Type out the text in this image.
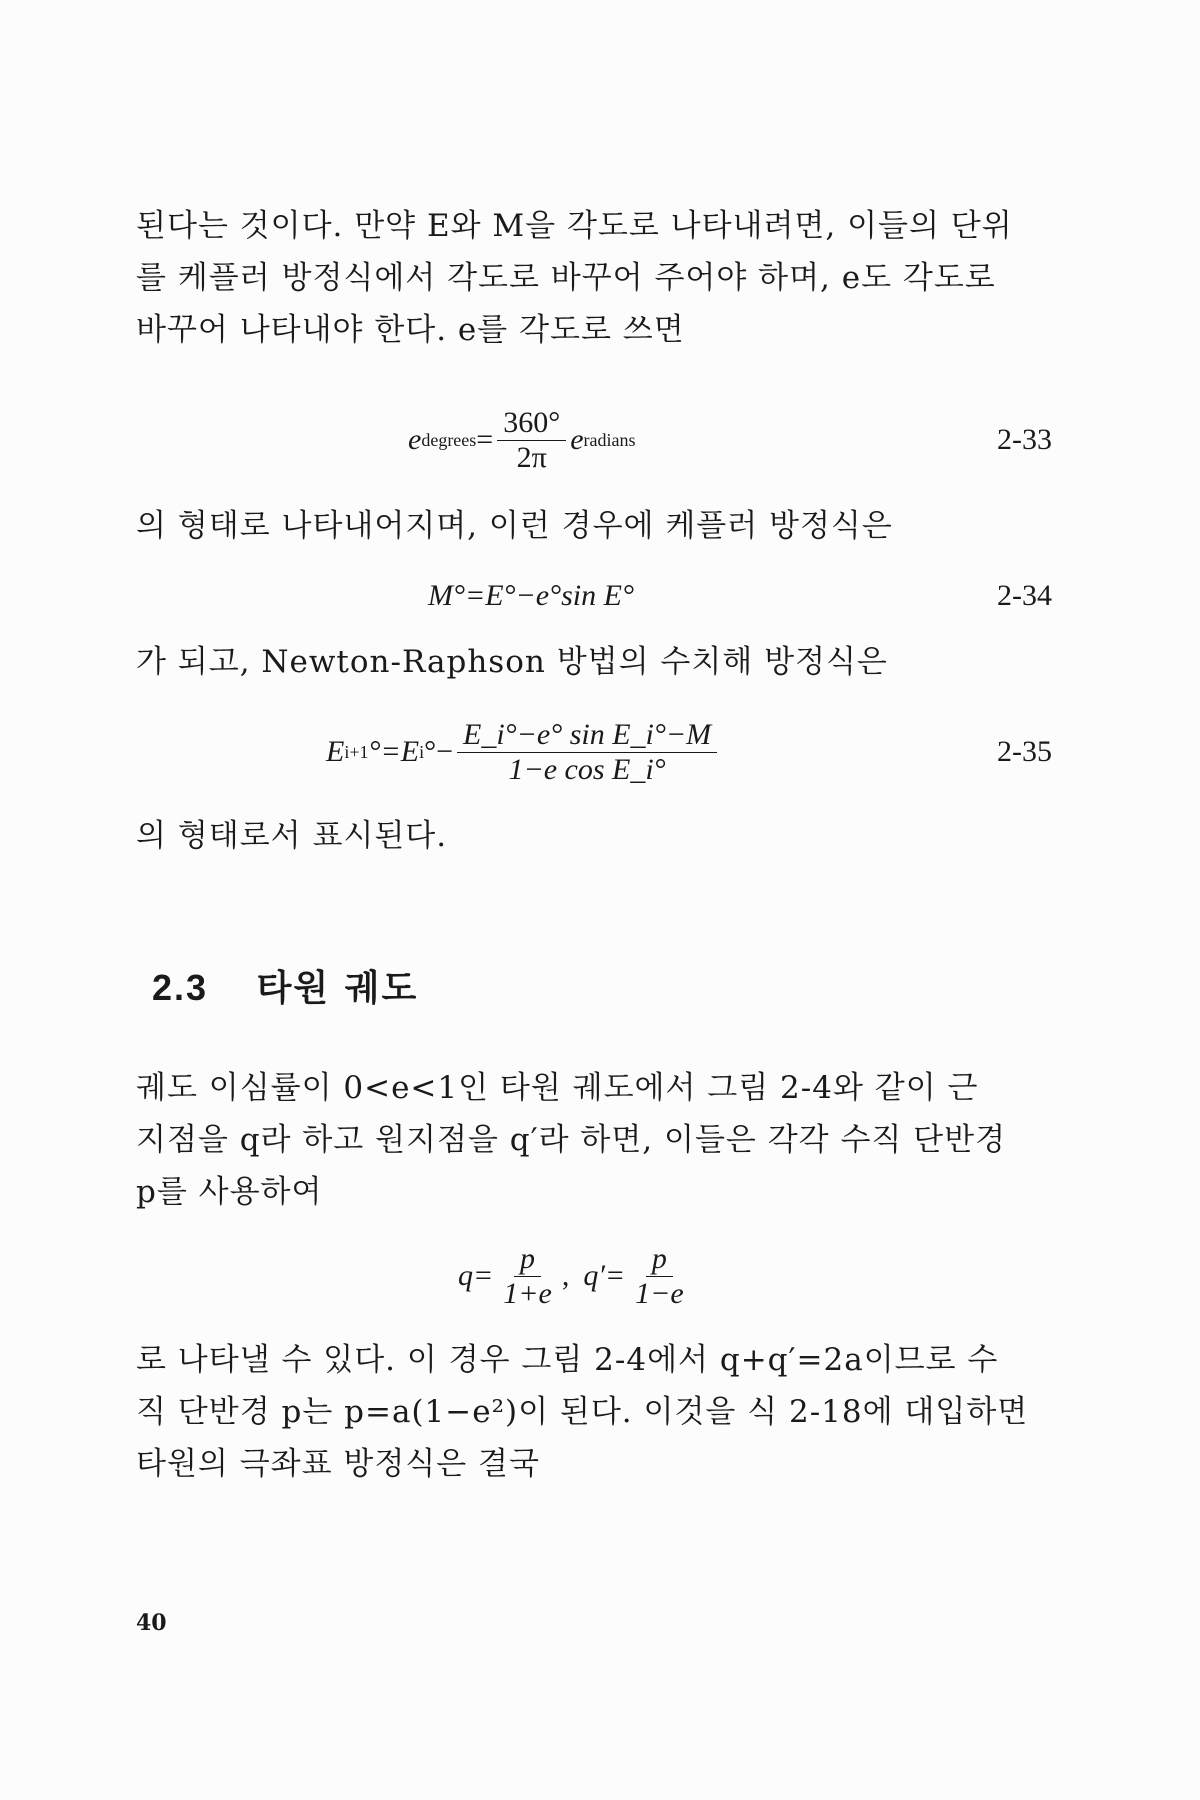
된다는 것이다. 만약 E와 M을 각도로 나타내려면, 이들의 단위
를 케플러 방정식에서 각도로 바꾸어 주어야 하며, e도 각도로
바꾸어 나타내야 한다. e를 각도로 쓰면
e degrees = $\frac{360^\circ}{2\pi}$ e radians	2-33
의 형태로 나타내어지며, 이런 경우에 케플러 방정식은
M°=E°−e°sin E°	2-34
가 되고, Newton-Raphson 방법의 수치해 방정식은
E i+1 °=E i °− $\frac{\text{E\_i°−e° sin E\_i°−M}}{\text{1−e cos E\_i°}}$	2-35
의 형태로서 표시된다.
2.3 타원 궤도
궤도 이심률이 0<e<1인 타원 궤도에서 그림 2-4와 같이 근
지점을 q라 하고 원지점을 q′라 하면, 이들은 각각 수직 단반경
p를 사용하여
$q= \frac{p}{1+e}$ , $q'= \frac{p}{1-e}$
로 나타낼 수 있다. 이 경우 그림 2-4에서 q+q′=2a이므로 수
직 단반경 p는 p=a(1−e²)이 된다. 이것을 식 2-18에 대입하면
타원의 극좌표 방정식은 결국
40
